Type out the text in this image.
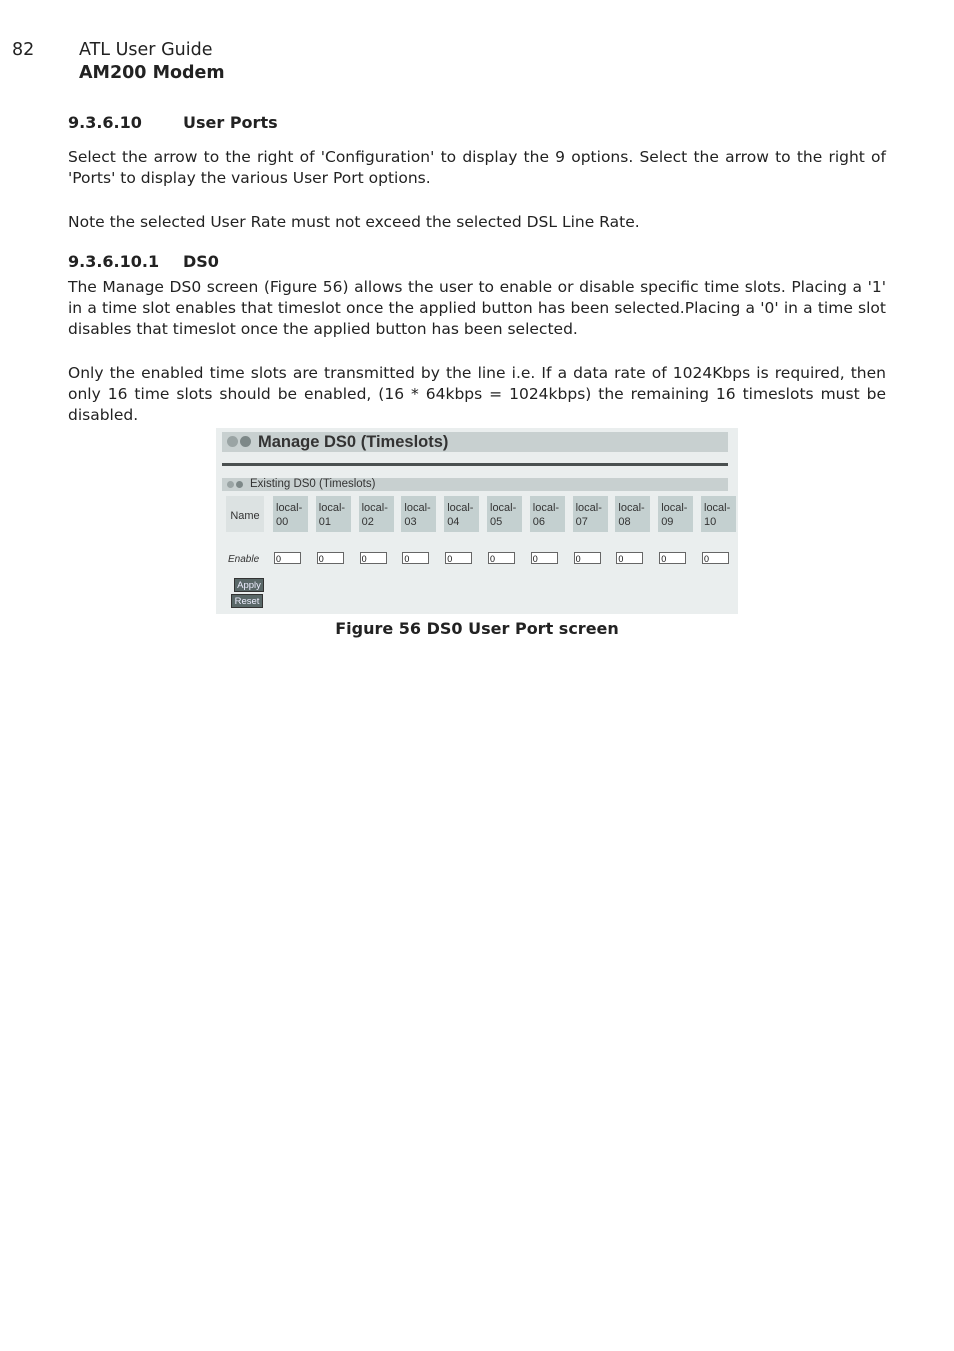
82	ATL User Guide
AM200 Modem
9.3.6.10	User Ports
Select the arrow to the right of 'Configuration' to display the 9 options. Select the arrow to the right of 'Ports' to display the various User Port options.
Note the selected User Rate must not exceed the selected DSL Line Rate.
9.3.6.10.1 DS0
The Manage DS0 screen (Figure 56) allows the user to enable or disable specific time slots. Placing a '1' in a time slot enables that timeslot once the applied button has been selected.Placing a '0' in a time slot disables that timeslot once the applied button has been selected.
Only the enabled time slots are transmitted by the line i.e. If a data rate of 1024Kbps is required, then only 16 time slots should be enabled, (16 * 64kbps = 1024kbps) the remaining 16 timeslots must be disabled.
Manage DS0 (Timeslots)
Existing DS0 (Timeslots)
Name
Enable
Apply
Reset
local-
00
0
local-
01
0
local-
02
0
local-
03
0
local-
04
0
local-
05
0
local-
06
0
local-
07
0
local-
08
0
local-
09
0
local-
10
0
Figure 56 DS0 User Port screen
